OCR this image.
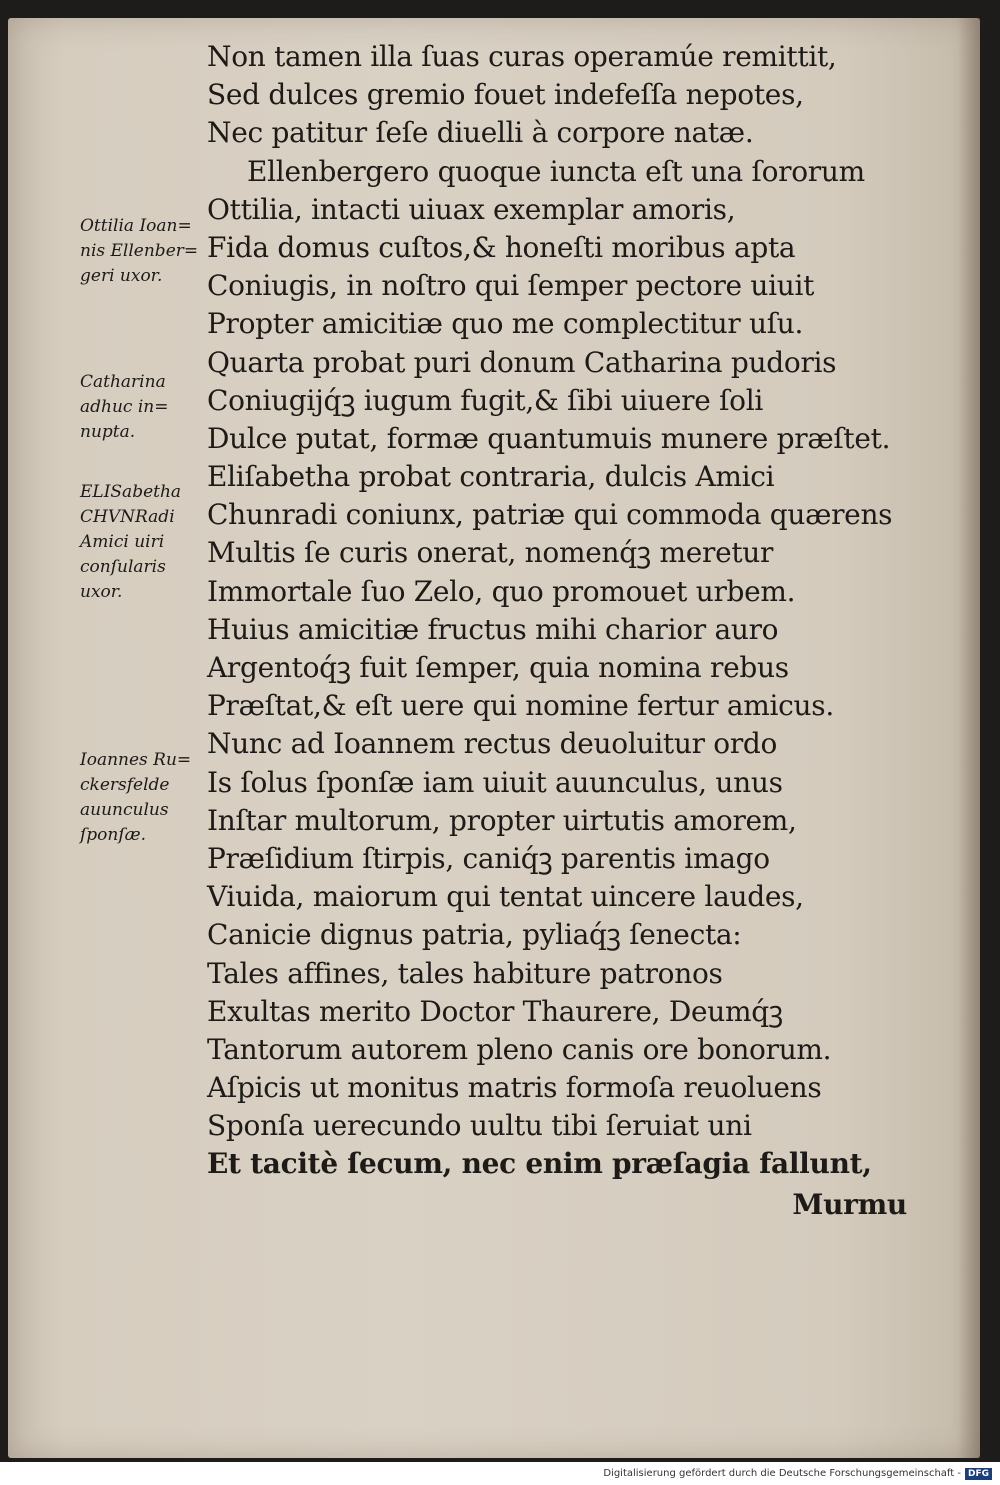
Non tamen illa ſuas curas operamúe remittit,
Sed dulces gremio fouet indefeſſa nepotes,
Nec patitur ſeſe diuelli à corpore natæ.
Ellenbergero quoque iuncta eſt una ſororum
Ottilia, intacti uiuax exemplar amoris,
Fida domus cuſtos,& honeſti moribus apta
Coniugis, in noſtro qui ſemper pectore uiuit
Propter amicitiæ quo me complectitur uſu.
Quarta probat puri donum Catharina pudoris
Coniugijq́ꝫ iugum fugit,& ſibi uiuere ſoli
Dulce putat, formæ quantumuis munere præſtet.
Eliſabetha probat contraria, dulcis Amici
Chunradi coniunx, patriæ qui commoda quærens
Multis ſe curis onerat, nomenq́ꝫ meretur
Immortale ſuo Zelo, quo promouet urbem.
Huius amicitiæ fructus mihi charior auro
Argentoq́ꝫ fuit ſemper, quia nomina rebus
Præſtat,& eſt uere qui nomine fertur amicus.
Nunc ad Ioannem rectus deuoluitur ordo
Is ſolus ſponſæ iam uiuit auunculus, unus
Inſtar multorum, propter uirtutis amorem,
Præſidium ſtirpis, caniq́ꝫ parentis imago
Viuida, maiorum qui tentat uincere laudes,
Canicie dignus patria, pyliaq́ꝫ ſenecta:
Tales affines, tales habiture patronos
Exultas merito Doctor Thaurere, Deumq́ꝫ
Tantorum autorem pleno canis ore bonorum.
Aſpicis ut monitus matris formoſa reuoluens
Sponſa uerecundo uultu tibi ſeruiat uni
Et tacitè ſecum, nec enim præſagia fallunt,
Murmu
Ottilia Ioan=
nis Ellenber=
geri uxor.
Catharina
adhuc in=
nupta.
ELISabetha
CHVNRadi
Amici uiri
conſularis
uxor.
Ioannes Ru=
ckersfelde
auunculus
ſponſæ.
Digitalisierung gefördert durch die Deutsche Forschungsgemeinschaft - DFG
